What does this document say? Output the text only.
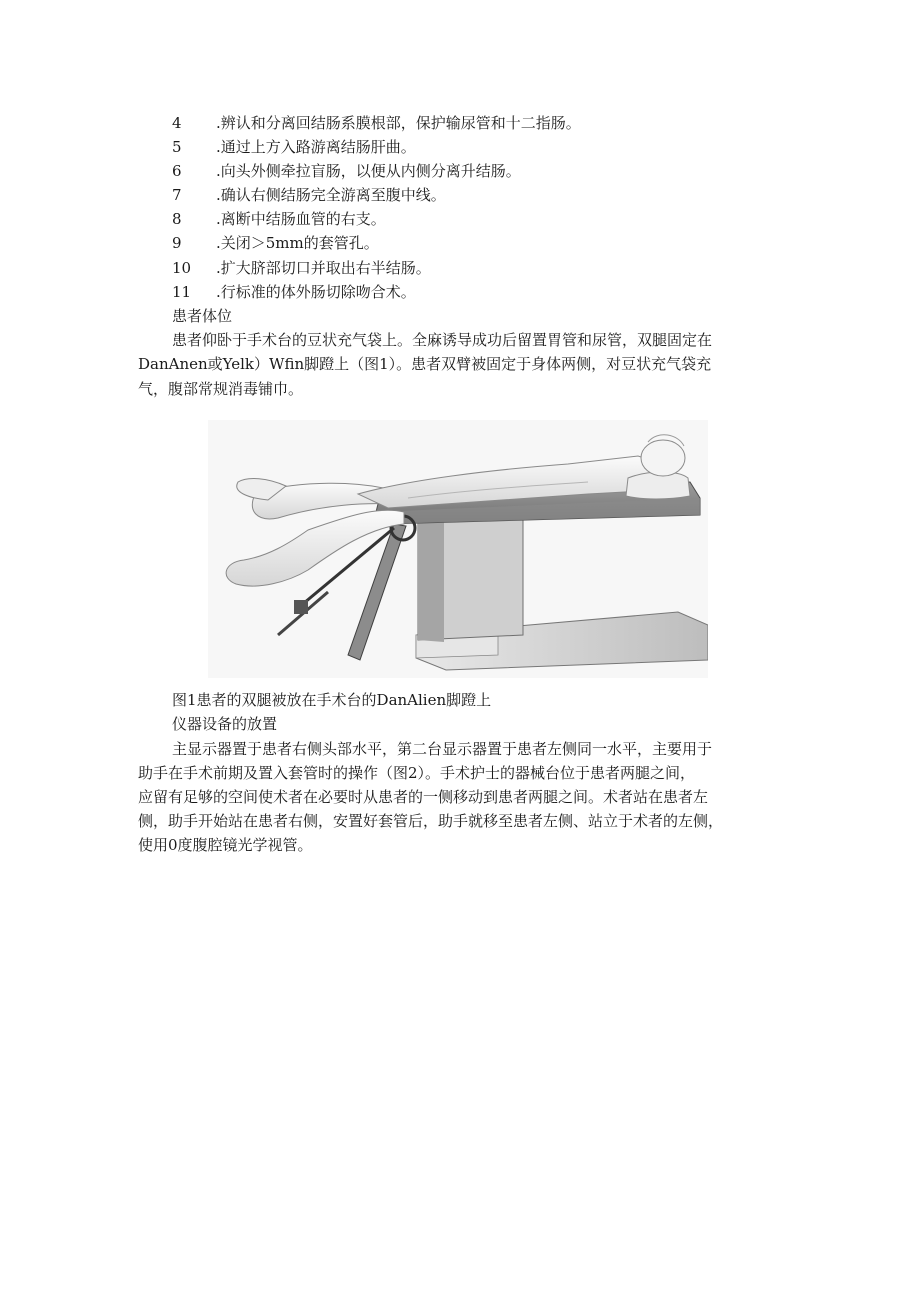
4 .辨认和分离回结肠系膜根部，保护输尿管和十二指肠。
5 .通过上方入路游离结肠肝曲。
6 .向头外侧牵拉盲肠，以便从内侧分离升结肠。
7 .确认右侧结肠完全游离至腹中线。
8 .离断中结肠血管的右支。
9 .关闭＞5mm的套管孔。
10 .扩大脐部切口并取出右半结肠。
11 .行标准的体外肠切除吻合术。
患者体位
患者仰卧于手术台的豆状充气袋上。全麻诱导成功后留置胃管和尿管，双腿固定在
DanAnen或Yelk）Wfin脚蹬上（图1）。患者双臂被固定于身体两侧，对豆状充气袋充
气，腹部常规消毒铺巾。
图1患者的双腿被放在手术台的DanAlien脚蹬上
仪器设备的放置
主显示器置于患者右侧头部水平，第二台显示器置于患者左侧同一水平，主要用于
助手在手术前期及置入套管时的操作（图2）。手术护士的器械台位于患者两腿之间，
应留有足够的空间使术者在必要时从患者的一侧移动到患者两腿之间。术者站在患者左
侧，助手开始站在患者右侧，安置好套管后，助手就移至患者左侧、站立于术者的左侧，
使用0度腹腔镜光学视管。
